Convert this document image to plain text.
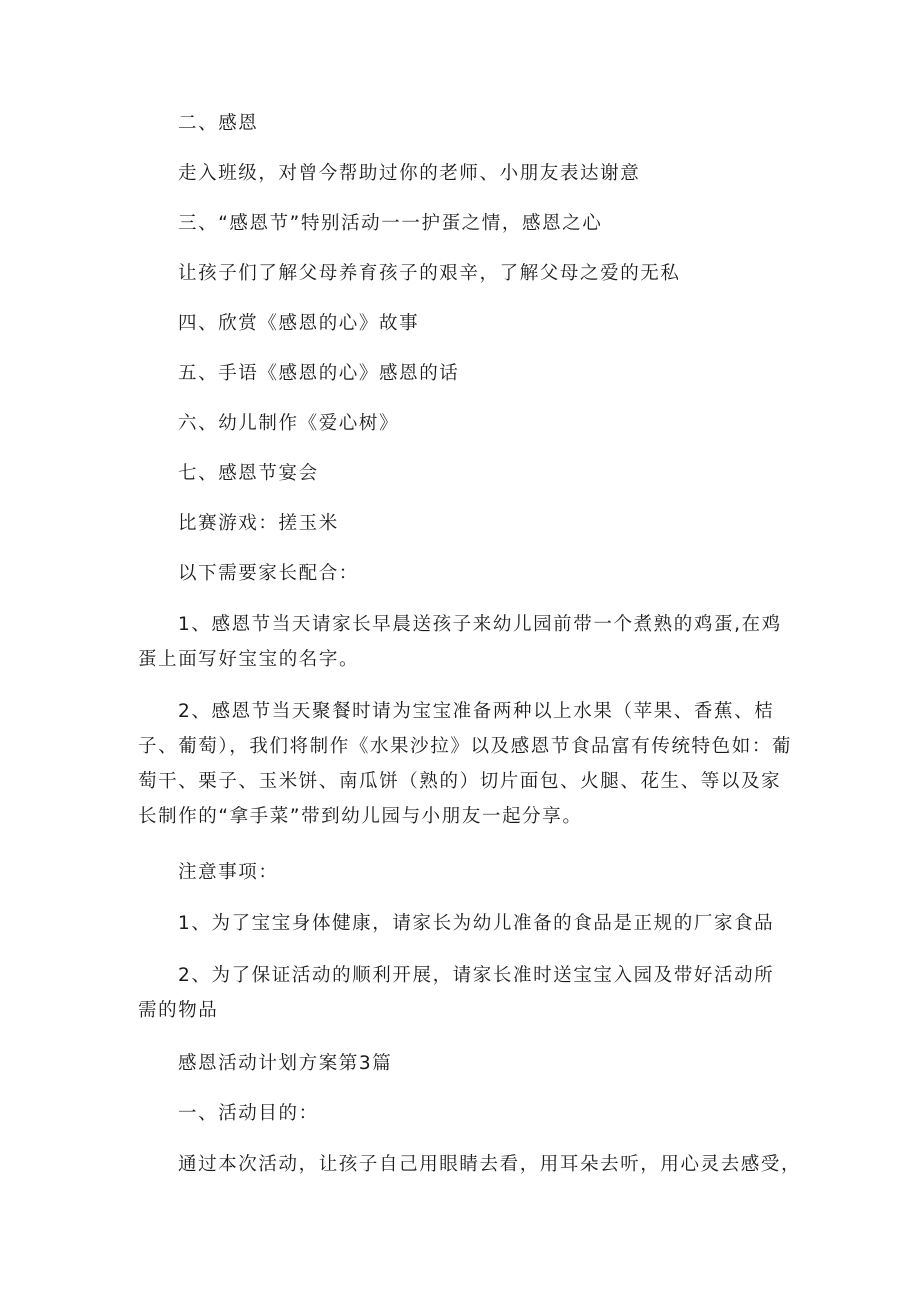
二、感恩
走入班级，对曾今帮助过你的老师、小朋友表达谢意
三、“感恩节”特别活动一一护蛋之情，感恩之心
让孩子们了解父母养育孩子的艰辛，了解父母之爱的无私
四、欣赏《感恩的心》故事
五、手语《感恩的心》感恩的话
六、幼儿制作《爱心树》
七、感恩节宴会
比赛游戏：搓玉米
以下需要家长配合：
1、感恩节当天请家长早晨送孩子来幼儿园前带一个煮熟的鸡蛋,在鸡蛋上面写好宝宝的名字。
2、感恩节当天聚餐时请为宝宝准备两种以上水果（苹果、香蕉、桔子、葡萄），我们将制作《水果沙拉》以及感恩节食品富有传统特色如：葡萄干、栗子、玉米饼、南瓜饼（熟的）切片面包、火腿、花生、等以及家长制作的“拿手菜”带到幼儿园与小朋友一起分享。
注意事项：
1、为了宝宝身体健康，请家长为幼儿准备的食品是正规的厂家食品
2、为了保证活动的顺利开展，请家长准时送宝宝入园及带好活动所需的物品
感恩活动计划方案第3篇
一、活动目的：
通过本次活动，让孩子自己用眼睛去看，用耳朵去听，用心灵去感受，
